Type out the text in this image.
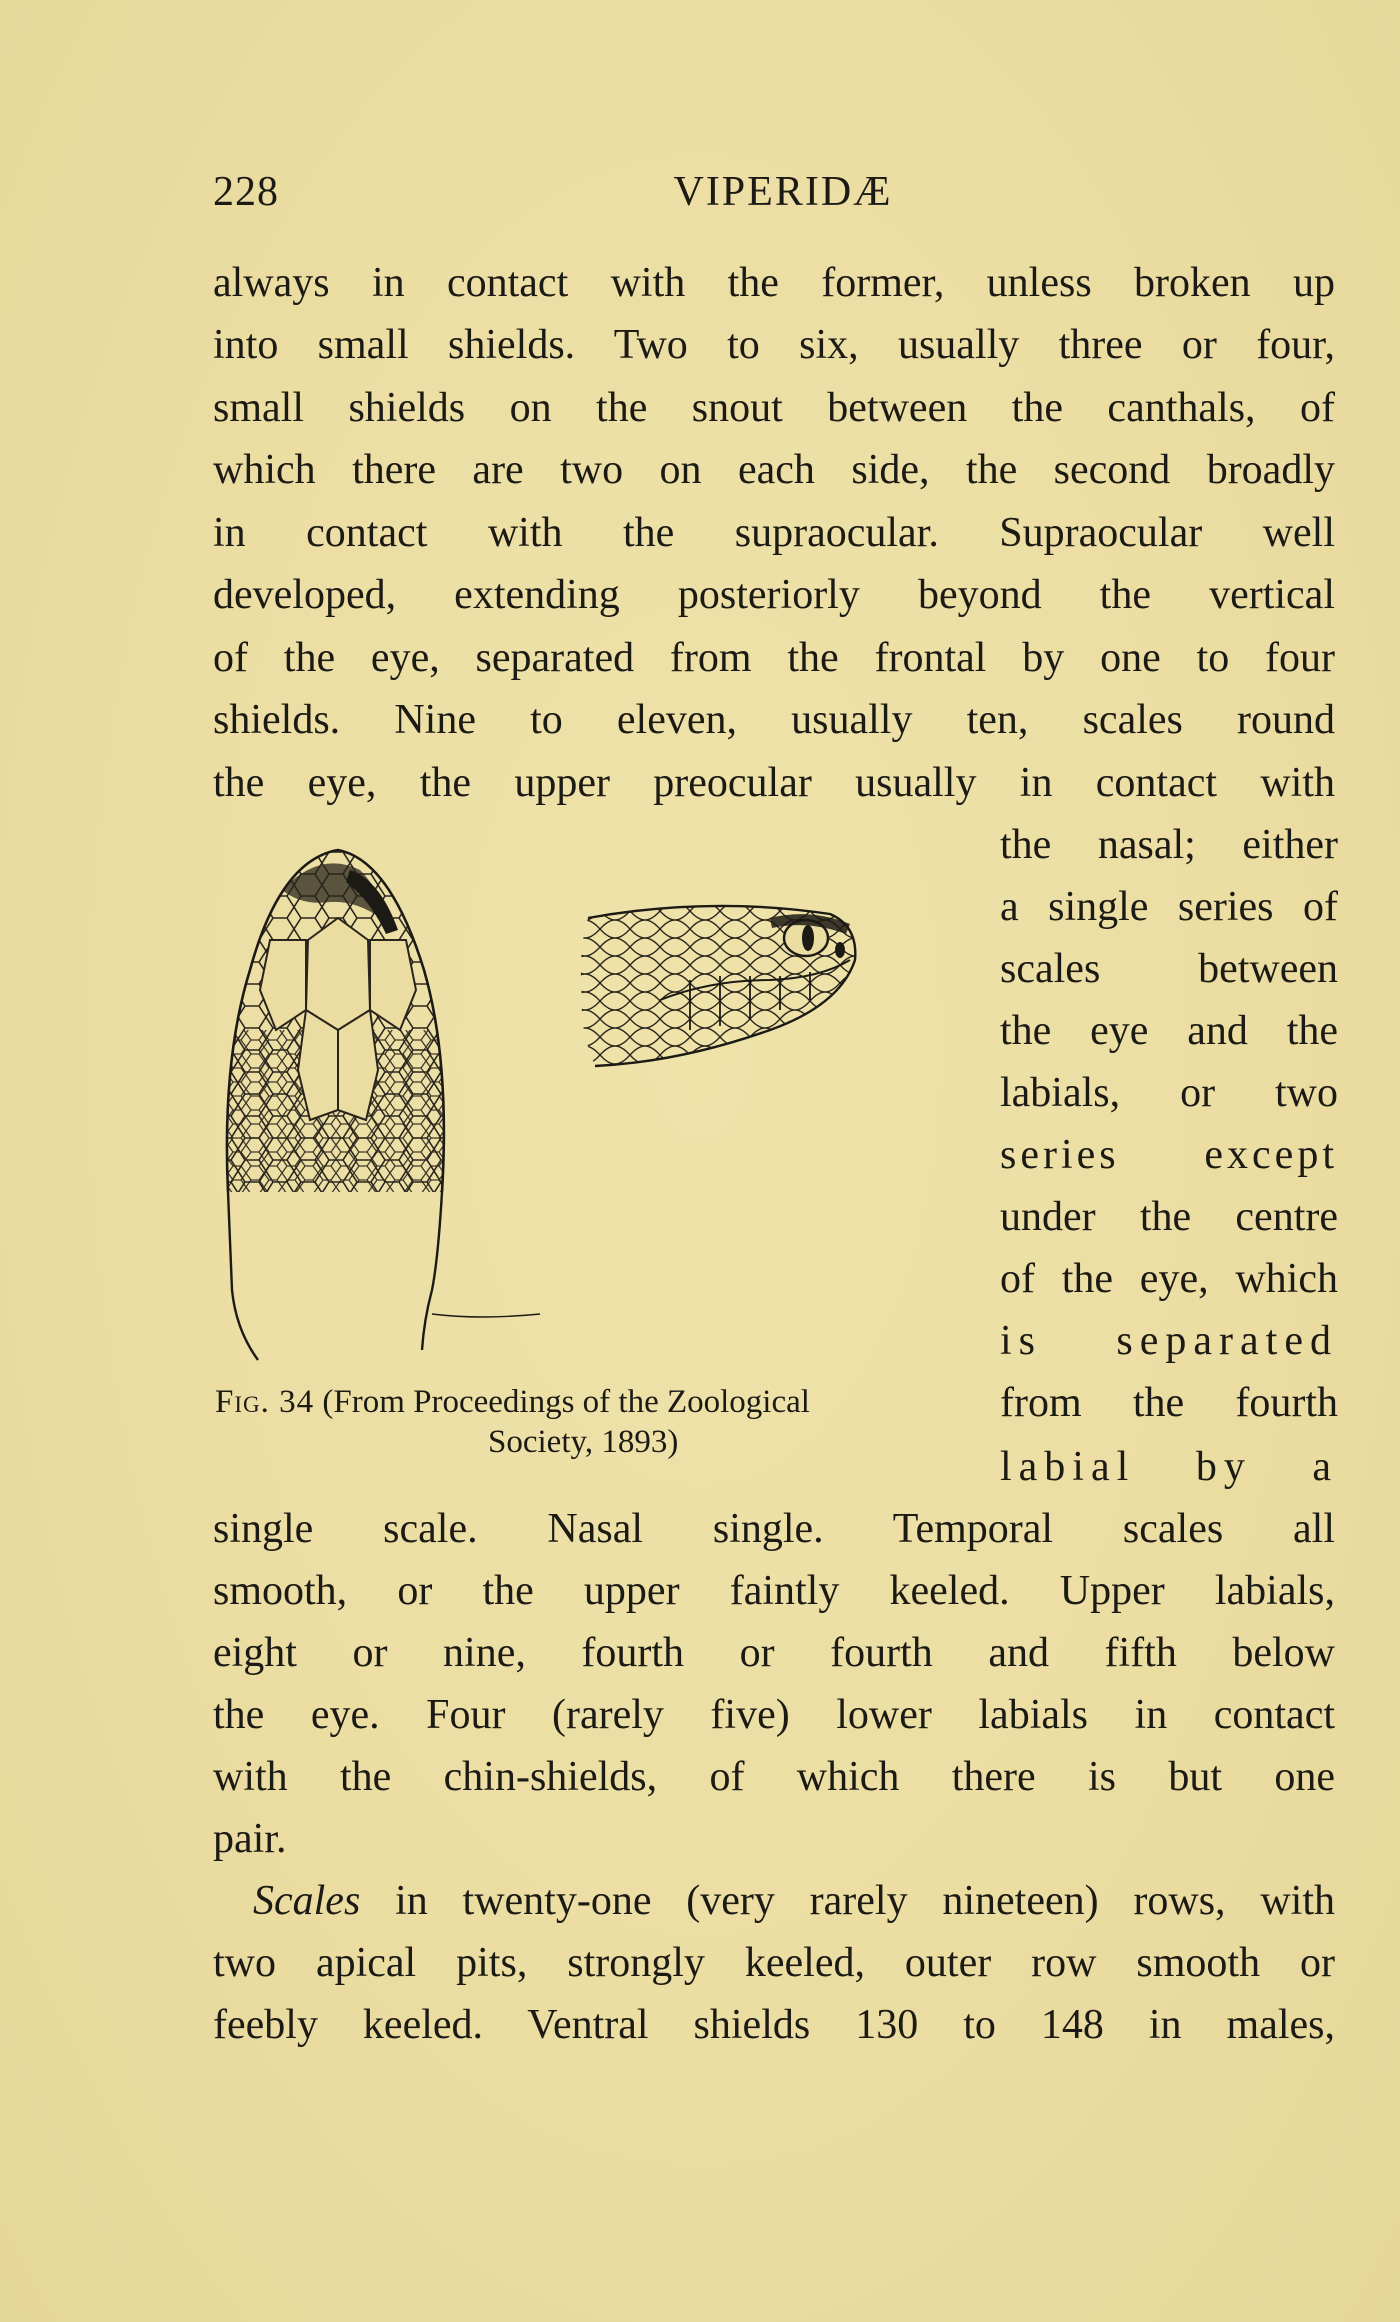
228	VIPERIDÆ
always in contact with the former, unless broken up
into small shields. Two to six, usually three or four,
small shields on the snout between the canthals, of
which there are two on each side, the second broadly
in contact with the supraocular. Supraocular well
developed, extending posteriorly beyond the vertical
of the eye, separated from the frontal by one to four
shields. Nine to eleven, usually ten, scales round
the eye, the upper preocular usually in contact with
the nasal; either
a single series of
scales between
the eye and the
labials, or two
series except
under the centre
of the eye, which
is separated
from the fourth
labial by a
Fig. 34 (From Proceedings of the Zoological
Society, 1893)
single scale. Nasal single. Temporal scales all
smooth, or the upper faintly keeled. Upper labials,
eight or nine, fourth or fourth and fifth below
the eye. Four (rarely five) lower labials in contact
with the chin-shields, of which there is but one
pair.
Scales in twenty-one (very rarely nineteen) rows, with
two apical pits, strongly keeled, outer row smooth or
feebly keeled. Ventral shields 130 to 148 in males,
